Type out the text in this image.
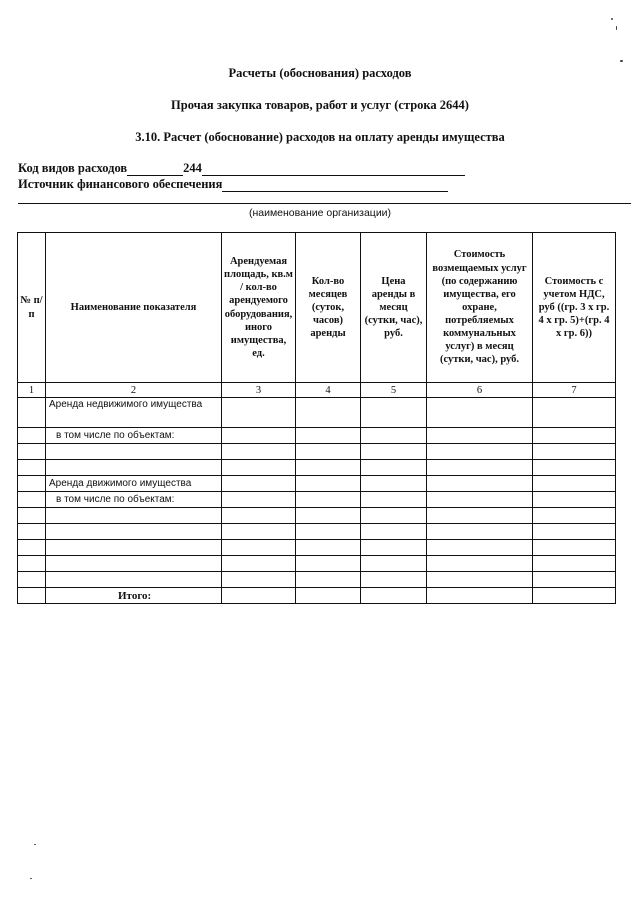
Расчеты (обоснования) расходов
Прочая закупка товаров, работ и услуг (строка 2644)
3.10. Расчет (обоснование) расходов на оплату аренды имущества
Код видов расходов	244
Источник финансового обеспечения
(наименование организации)
№ п/п	Наименование показателя	Арендуемая площадь, кв.м / кол-во арендуемого оборудования, иного имущества, ед.	Кол-во месяцев (суток, часов) аренды	Цена аренды в месяц (сутки, час), руб.	Стоимость возмещаемых услуг (по содержанию имущества, его охране, потребляемых коммунальных услуг) в месяц (сутки, час), руб.	Стоимость с учетом НДС, руб ((гр. 3 х гр. 4 х гр. 5)+(гр. 4 х гр. 6))
1	2	3	4	5	6	7
	Аренда недвижимого имущества					
	в том числе по объектам:					

	Аренда движимого имущества					
	в том числе по объектам:					

	Итого:					
